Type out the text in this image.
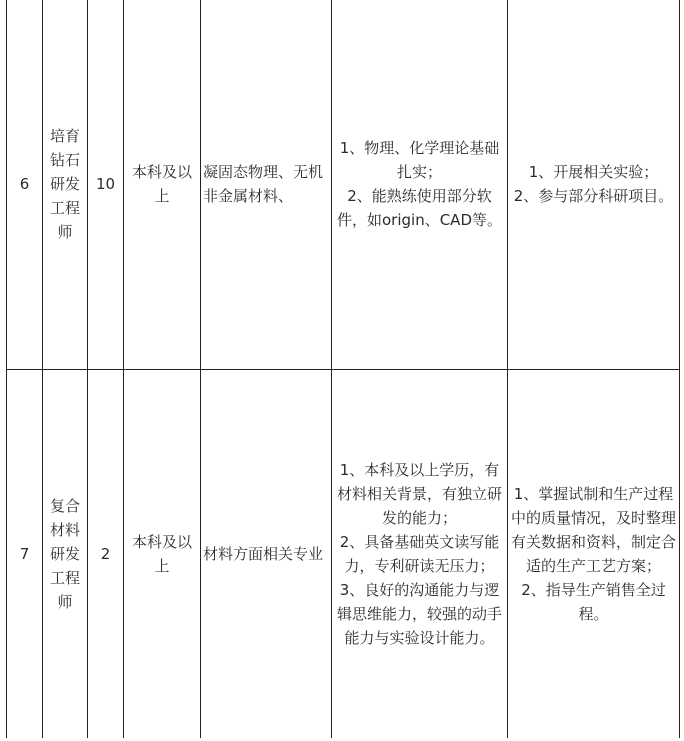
6	培育钻石研发工程师	10	本科及以上	凝固态物理、无机非金属材料、	1、物理、化学理论基础扎实；
2、能熟练使用部分软件，如origin、CAD等。	1、开展相关实验；
2、参与部分科研项目。

7	复合材料研发工程师	2	本科及以上	材料方面相关专业	1、本科及以上学历，有材料相关背景，有独立研发的能力；
2、具备基础英文读写能力，专利研读无压力；
3、良好的沟通能力与逻辑思维能力，较强的动手能力与实验设计能力。	1、掌握试制和生产过程中的质量情况，及时整理有关数据和资料，制定合适的生产工艺方案；
2、指导生产销售全过程。
